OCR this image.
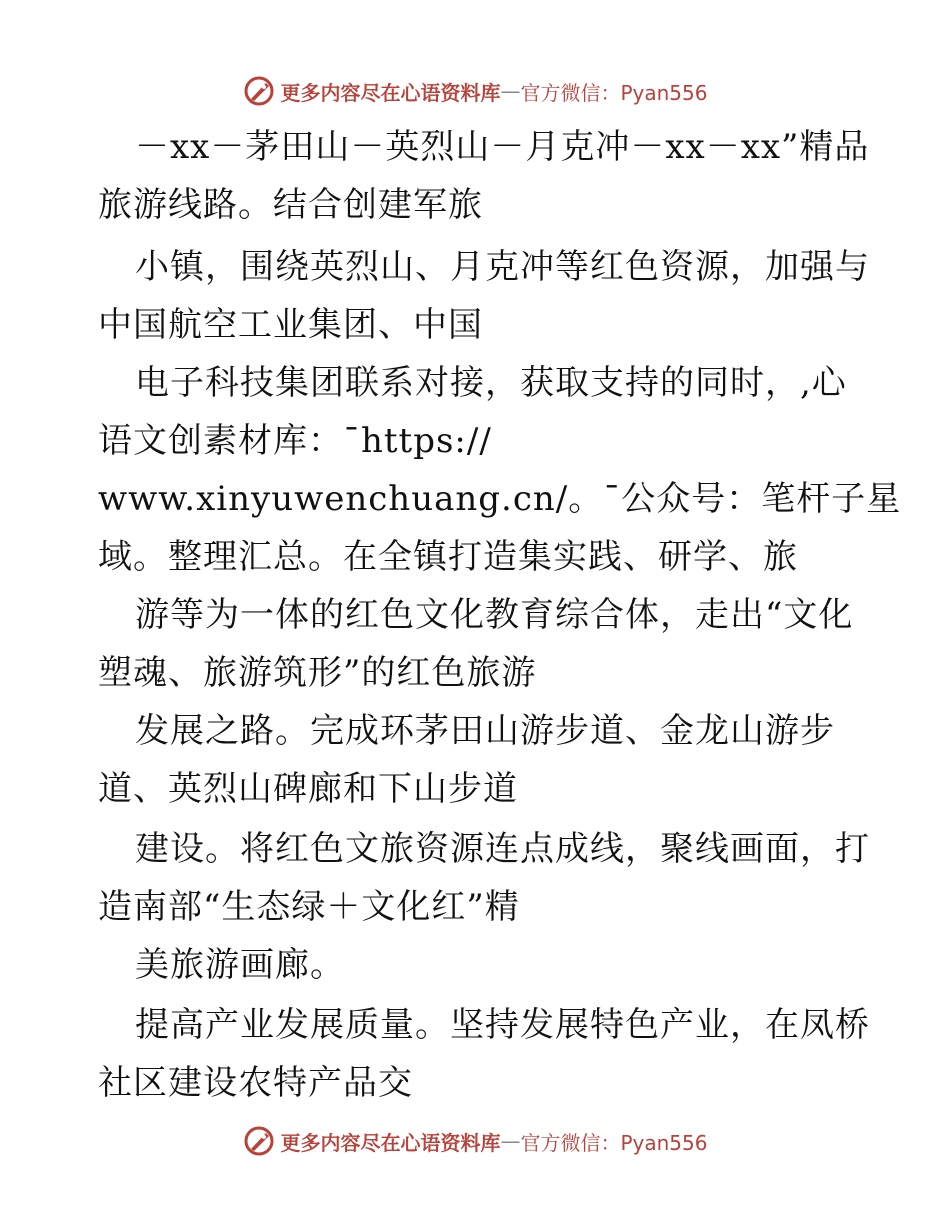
更多内容尽在心语资料库 — 官方微信：Pyan556
－xx－茅田山－英烈山－月克冲－xx－xx”精品
旅游线路。结合创建军旅
小镇，围绕英烈山、月克冲等红色资源，加强与
中国航空工业集团、中国
电子科技集团联系对接，获取支持的同时，,心
语文创素材库：¯https://
www.xinyuwenchuang.cn/。¯公众号：笔杆子星
域。整理汇总。在全镇打造集实践、研学、旅
游等为一体的红色文化教育综合体，走出“文化
塑魂、旅游筑形”的红色旅游
发展之路。完成环茅田山游步道、金龙山游步
道、英烈山碑廊和下山步道
建设。将红色文旅资源连点成线，聚线画面，打
造南部“生态绿＋文化红”精
美旅游画廊。
提高产业发展质量。坚持发展特色产业，在凤桥
社区建设农特产品交
更多内容尽在心语资料库 — 官方微信：Pyan556
